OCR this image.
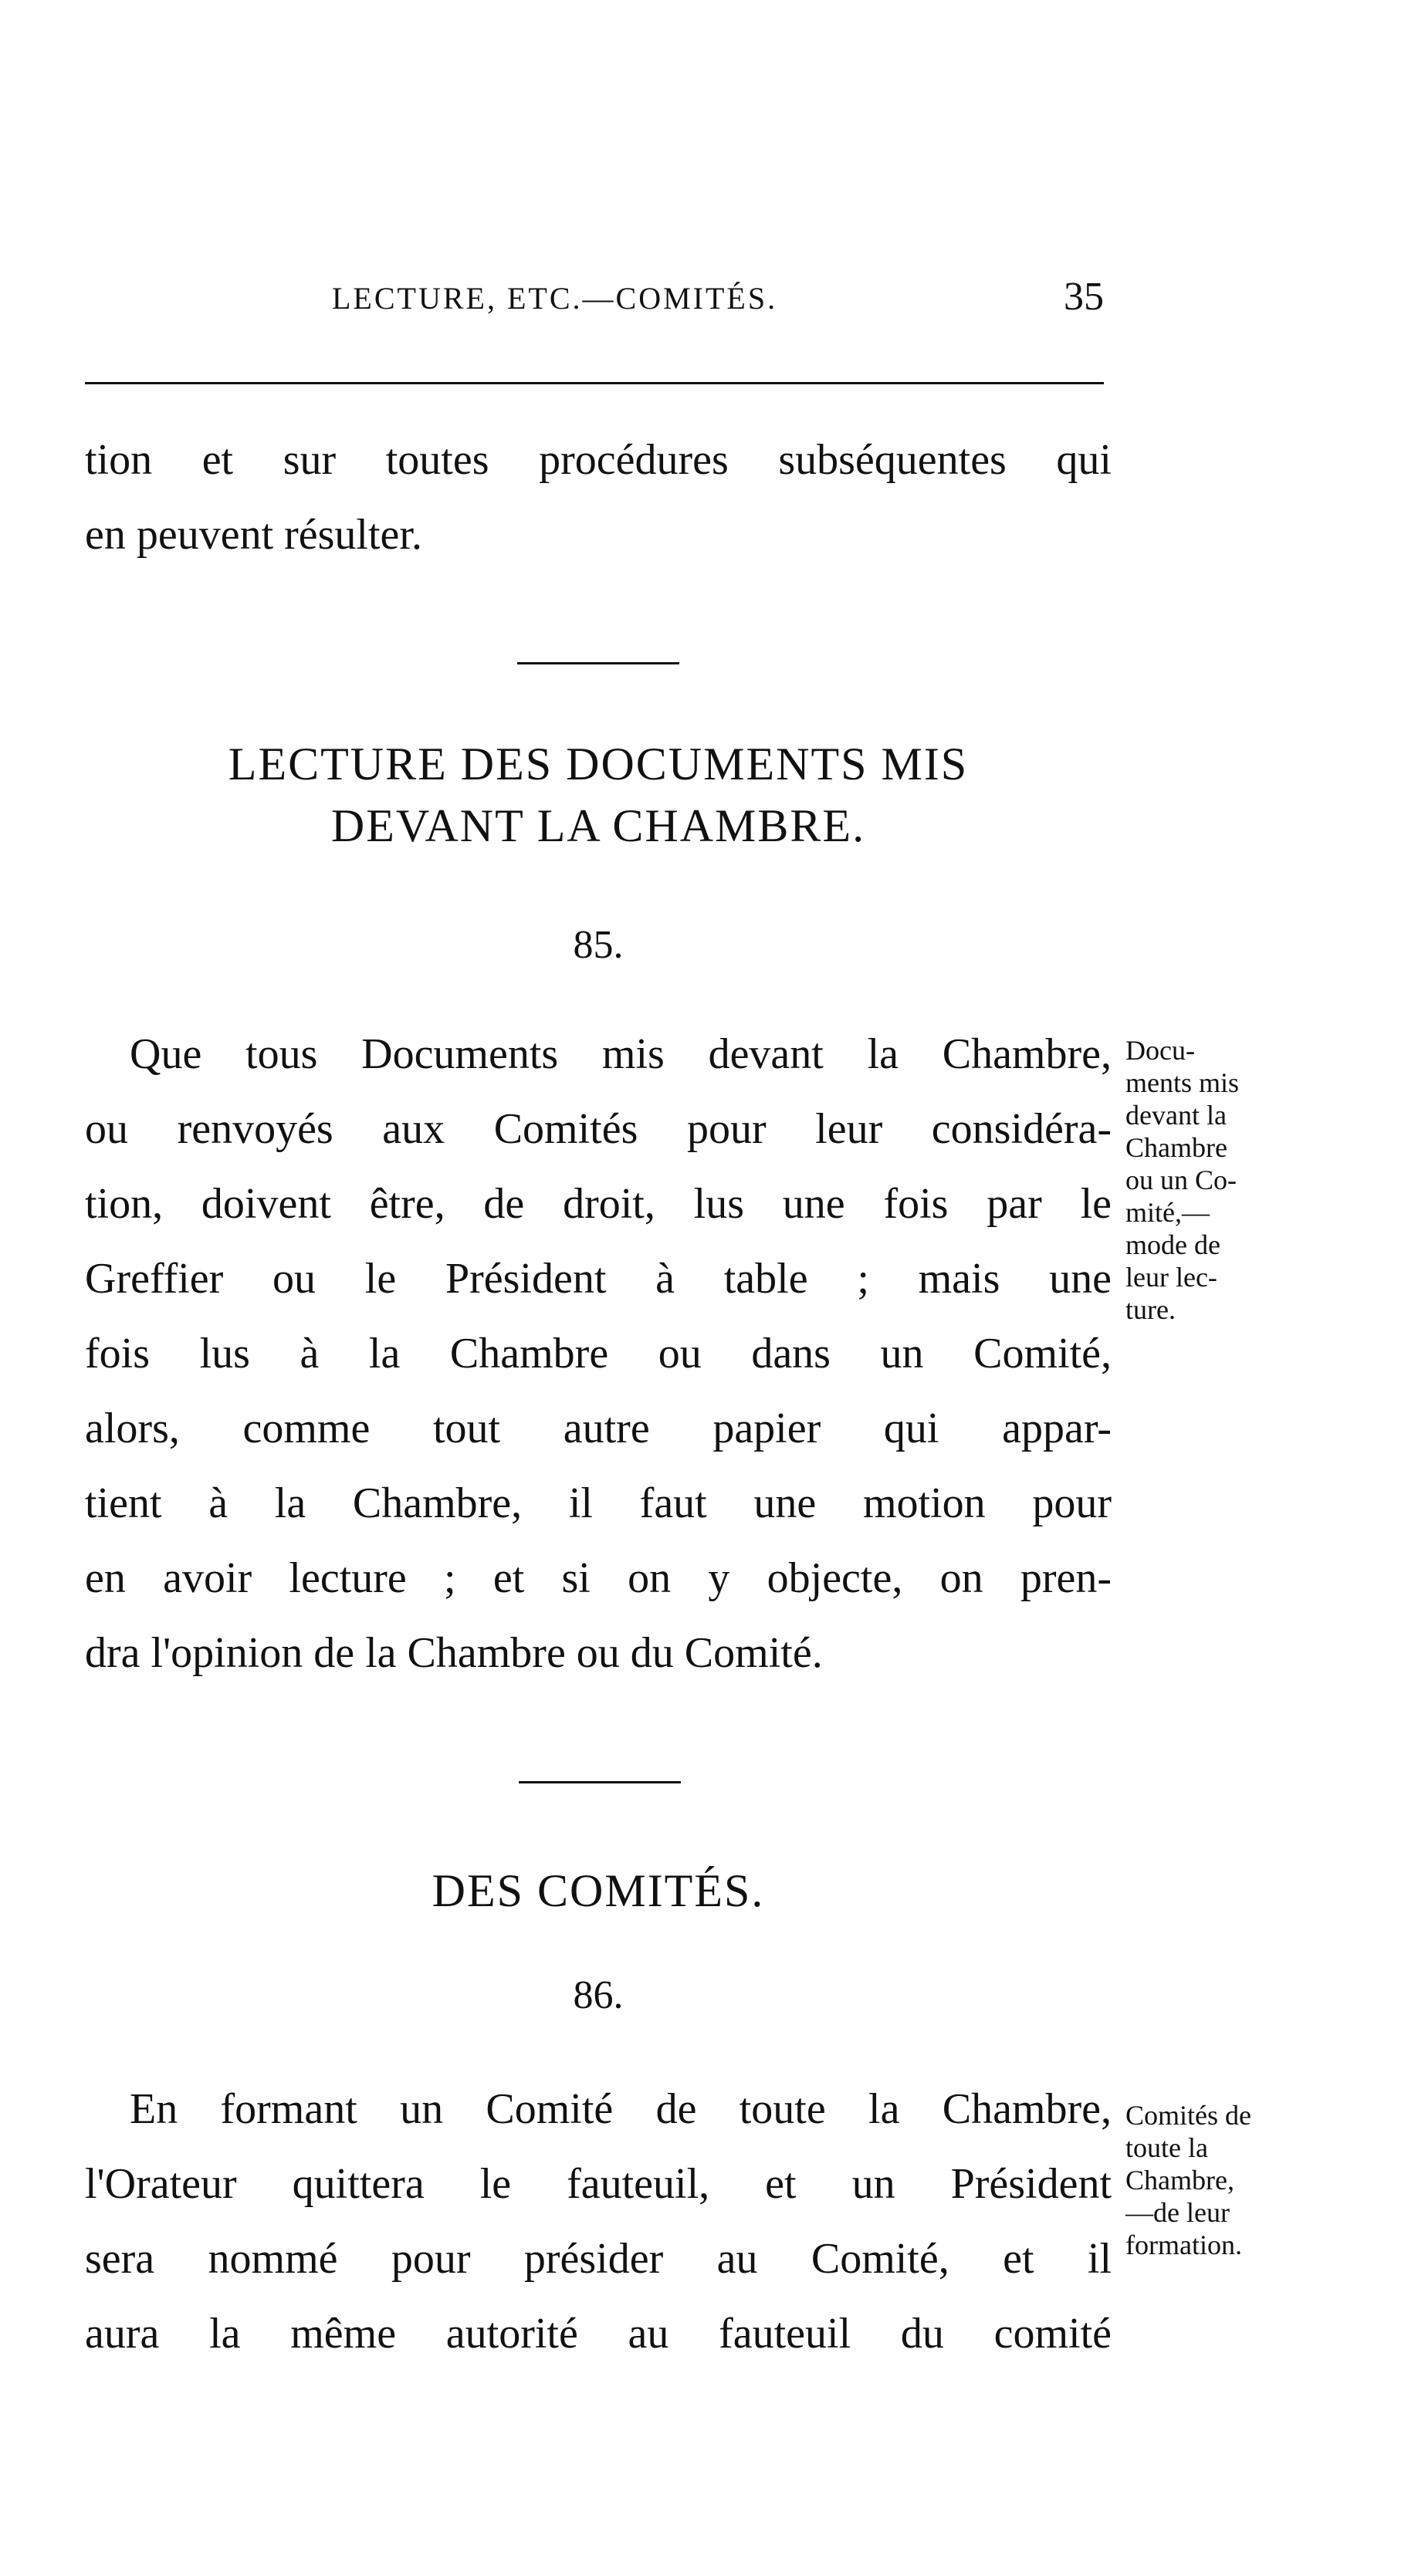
LECTURE, ETC.—COMITÉS.	35
tion et sur toutes procédures subséquentes qui
en peuvent résulter.
LECTURE DES DOCUMENTS MIS
DEVANT LA CHAMBRE.
85.
Que tous Documents mis devant la Chambre,
ou renvoyés aux Comités pour leur considéra-
tion, doivent être, de droit, lus une fois par le
Greffier ou le Président à table ; mais une
fois lus à la Chambre ou dans un Comité,
alors, comme tout autre papier qui appar-
tient à la Chambre, il faut une motion pour
en avoir lecture ; et si on y objecte, on pren-
dra l'opinion de la Chambre ou du Comité.
Docu-
ments mis
devant la
Chambre
ou un Co-
mité,—
mode de
leur lec-
ture.
DES COMITÉS.
86.
En formant un Comité de toute la Chambre,
l'Orateur quittera le fauteuil, et un Président
sera nommé pour présider au Comité, et il
aura la même autorité au fauteuil du comité
Comités de
toute la
Chambre,
—de leur
formation.
